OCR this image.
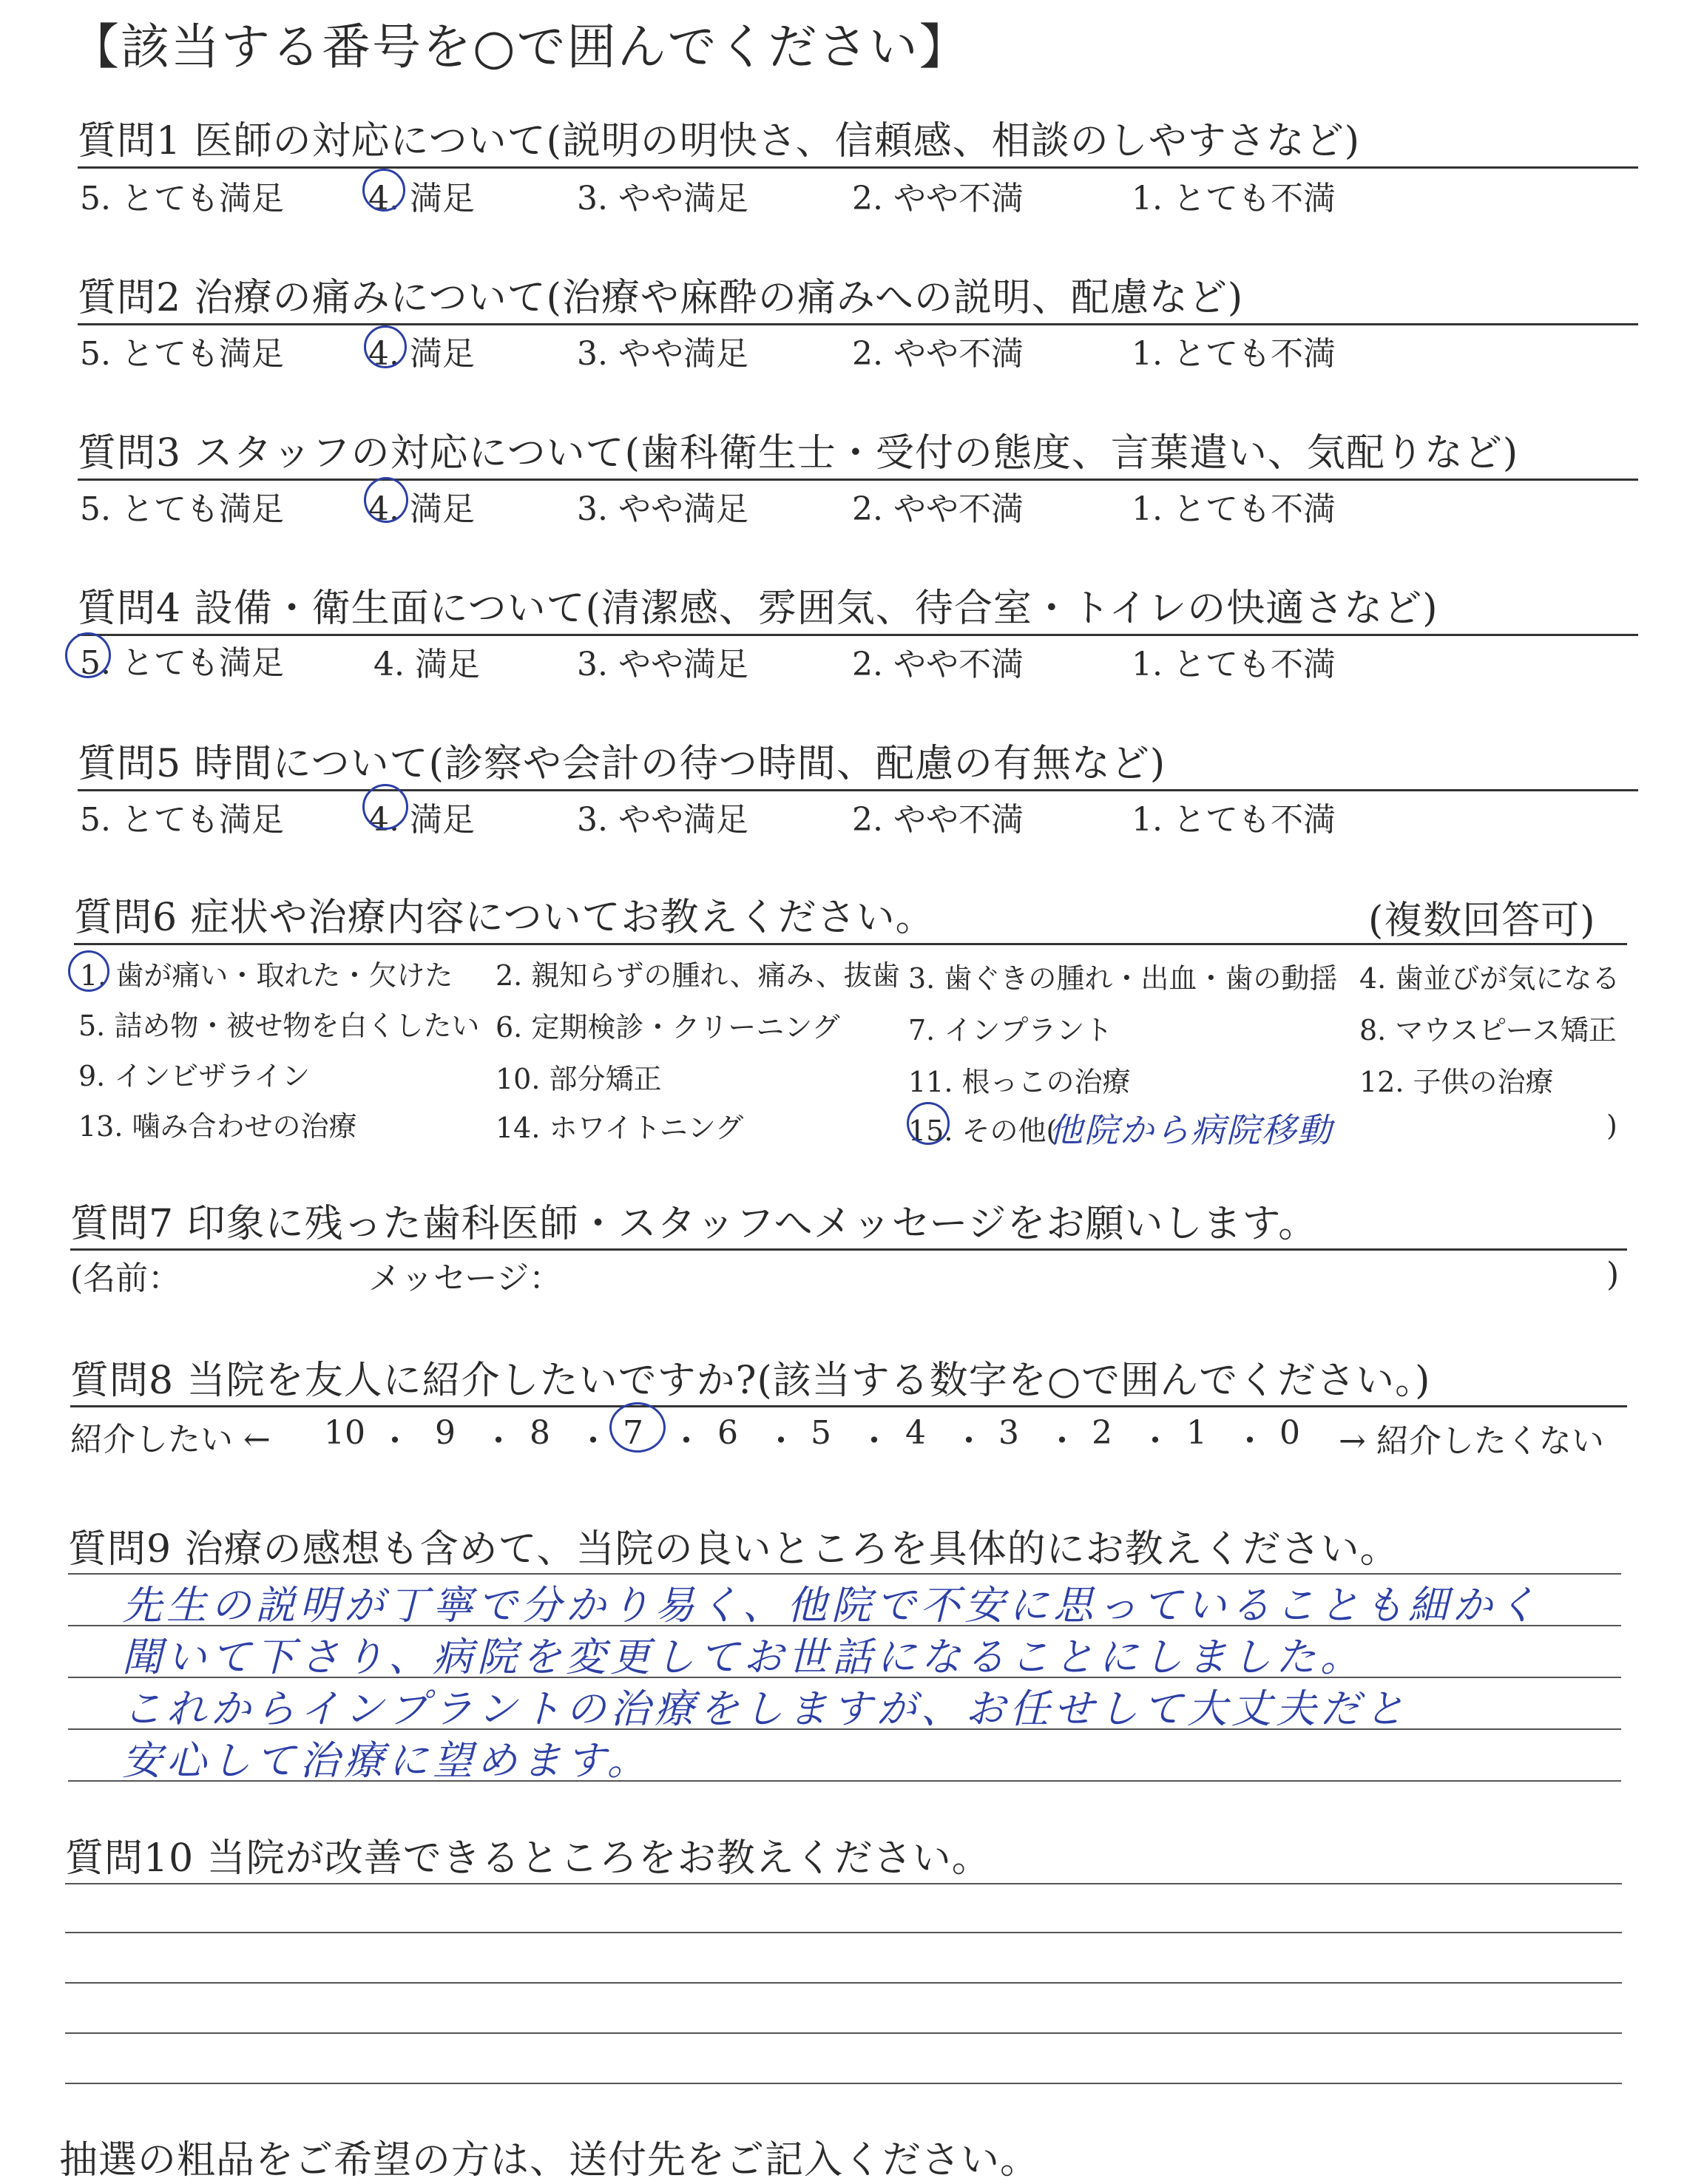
【該当する番号を○で囲んでください】
質問1 医師の対応について(説明の明快さ、信頼感、相談のしやすさなど)
5. とても満足	4. 満足	3. やや満足	2. やや不満	1. とても不満
質問2 治療の痛みについて(治療や麻酔の痛みへの説明、配慮など)
5. とても満足	4. 満足	3. やや満足	2. やや不満	1. とても不満
質問3 スタッフの対応について(歯科衛生士・受付の態度、言葉遣い、気配りなど)
5. とても満足	4. 満足	3. やや満足	2. やや不満	1. とても不満
質問4 設備・衛生面について(清潔感、雰囲気、待合室・トイレの快適さなど)
5. とても満足	4. 満足	3. やや満足	2. やや不満	1. とても不満
質問5 時間について(診察や会計の待つ時間、配慮の有無など)
5. とても満足	4. 満足	3. やや満足	2. やや不満	1. とても不満
質問6 症状や治療内容についてお教えください。	(複数回答可)
1. 歯が痛い・取れた・欠けた 2. 親知らずの腫れ、痛み、抜歯 3. 歯ぐきの腫れ・出血・歯の動揺 4. 歯並びが気になる
5. 詰め物・被せ物を白くしたい 6. 定期検診・クリーニング 7. インプラント	8. マウスピース矯正
9. インビザライン	10. 部分矯正	11. 根っこの治療	12. 子供の治療
13. 噛み合わせの治療	14. ホワイトニング	15. その他(
他院から病院移動	)
質問7 印象に残った歯科医師・スタッフへメッセージをお願いします。
(名前：	メッセージ：	)
質問8 当院を友人に紹介したいですか?(該当する数字を○で囲んでください。)
紹介したい ← 10 ・ 9 ・ 8 ・ 7 ・ 6 ・ 5 ・ 4 ・ 3 ・ 2 ・ 1 ・ 0 → 紹介したくない
質問9 治療の感想も含めて、当院の良いところを具体的にお教えください。
先生の説明が丁寧で分かり易く、他院で不安に思っていることも細かく
聞いて下さり、病院を変更してお世話になることにしました。
これからインプラントの治療をしますが、お任せして大丈夫だと
安心して治療に望めます。
質問10 当院が改善できるところをお教えください。
抽選の粗品をご希望の方は、送付先をご記入ください。
